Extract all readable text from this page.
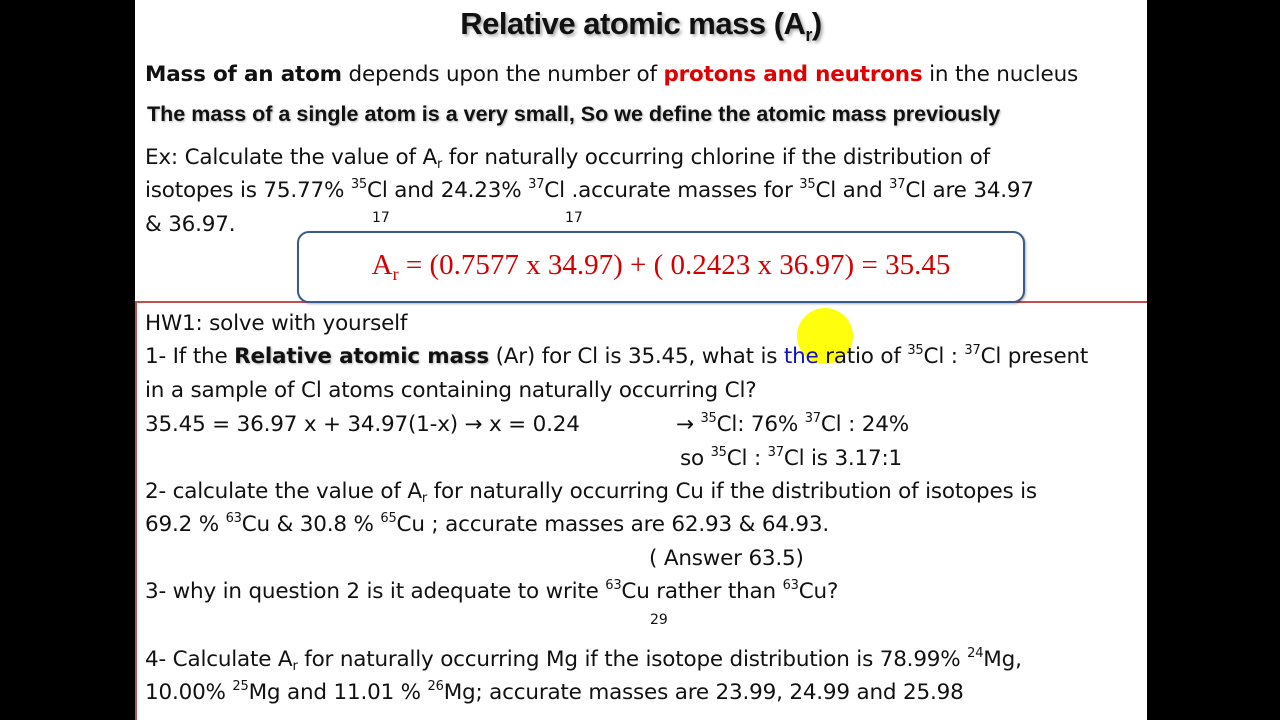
Relative atomic mass $(A_r)$
Mass of an atom depends upon the number of protons and neutrons in the nucleus
The mass of a single atom is a very small, So we define the atomic mass previously
Ex: Calculate the value of $A_r$ for naturally occurring chlorine if the distribution of
isotopes is 75.77% $^{35}$Cl and 24.23% $^{37}$Cl .accurate masses for $^{35}$Cl and $^{37}$Cl are 34.97
& 36.97.	17	17
$A_r = (0.7577$ x 34.97) + ( 0.2423 x 36.97) = 35.45
HW1: solve with yourself
1- If the Relative atomic mass (Ar) for Cl is 35.45, what is the ratio of $^{35}$Cl : $^{37}$Cl present
in a sample of Cl atoms containing naturally occurring Cl?
35.45 = 36.97 x + 34.97(1-x) → x = 0.24	→ $^{35}$Cl: 76% $^{37}$Cl : 24%
so $^{35}$Cl : $^{37}$Cl is 3.17:1
2- calculate the value of $A_r$ for naturally occurring Cu if the distribution of isotopes is
69.2 % $^{63}$Cu & 30.8 % $^{65}$Cu ; accurate masses are 62.93 & 64.93.
( Answer 63.5)
3- why in question 2 is it adequate to write $^{63}$Cu rather than $^{63}$Cu?
29
4- Calculate $A_r$ for naturally occurring Mg if the isotope distribution is 78.99% $^{24}$Mg,
10.00% $^{25}$Mg and 11.01 % $^{26}$Mg; accurate masses are 23.99, 24.99 and 25.98
